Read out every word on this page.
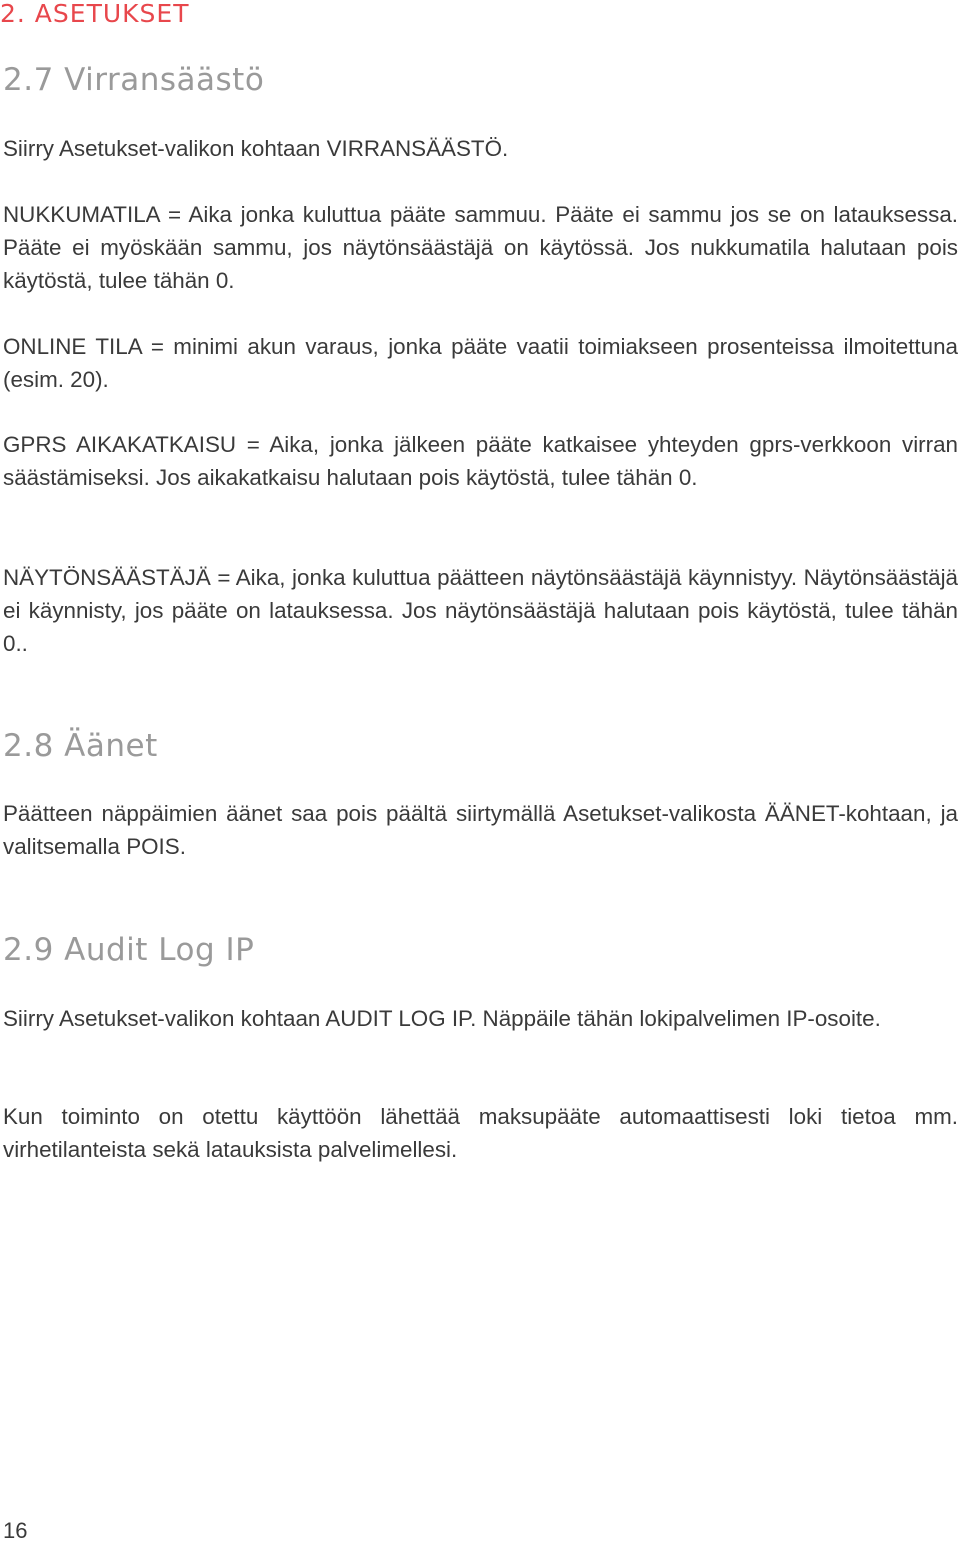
2. ASETUKSET
2.7 Virransäästö

Siirry Asetukset-valikon kohtaan VIRRANSÄÄSTÖ.

NUKKUMATILA = Aika jonka kuluttua pääte sammuu. Pääte ei sammu jos se on latauksessa. Pääte ei myöskään sammu, jos näytönsäästäjä on käytössä. Jos nukkumatila halutaan pois käytöstä, tulee tähän 0.

ONLINE TILA = minimi akun varaus, jonka pääte vaatii toimiakseen prosenteissa ilmoitettuna (esim. 20).

GPRS AIKAKATKAISU = Aika, jonka jälkeen pääte katkaisee yhteyden gprs-verkkoon virran säästämiseksi. Jos aikakatkaisu halutaan pois käytöstä, tulee tähän 0.

NÄYTÖNSÄÄSTÄJÄ = Aika, jonka kuluttua päätteen näytönsäästäjä käynnistyy. Näytönsäästäjä ei käynnisty, jos pääte on latauksessa. Jos näytönsäästäjä halutaan pois käytöstä, tulee tähän 0..

2.8 Äänet

Päätteen näppäimien äänet saa pois päältä siirtymällä Asetukset-valikosta ÄÄNET-kohtaan, ja valitsemalla POIS.

2.9 Audit Log IP

Siirry Asetukset-valikon kohtaan AUDIT LOG IP. Näppäile tähän lokipalvelimen IP-osoite.

Kun toiminto on otettu käyttöön lähettää maksupääte automaattisesti loki tietoa mm. virhetilanteista sekä latauksista palvelimellesi.

16
